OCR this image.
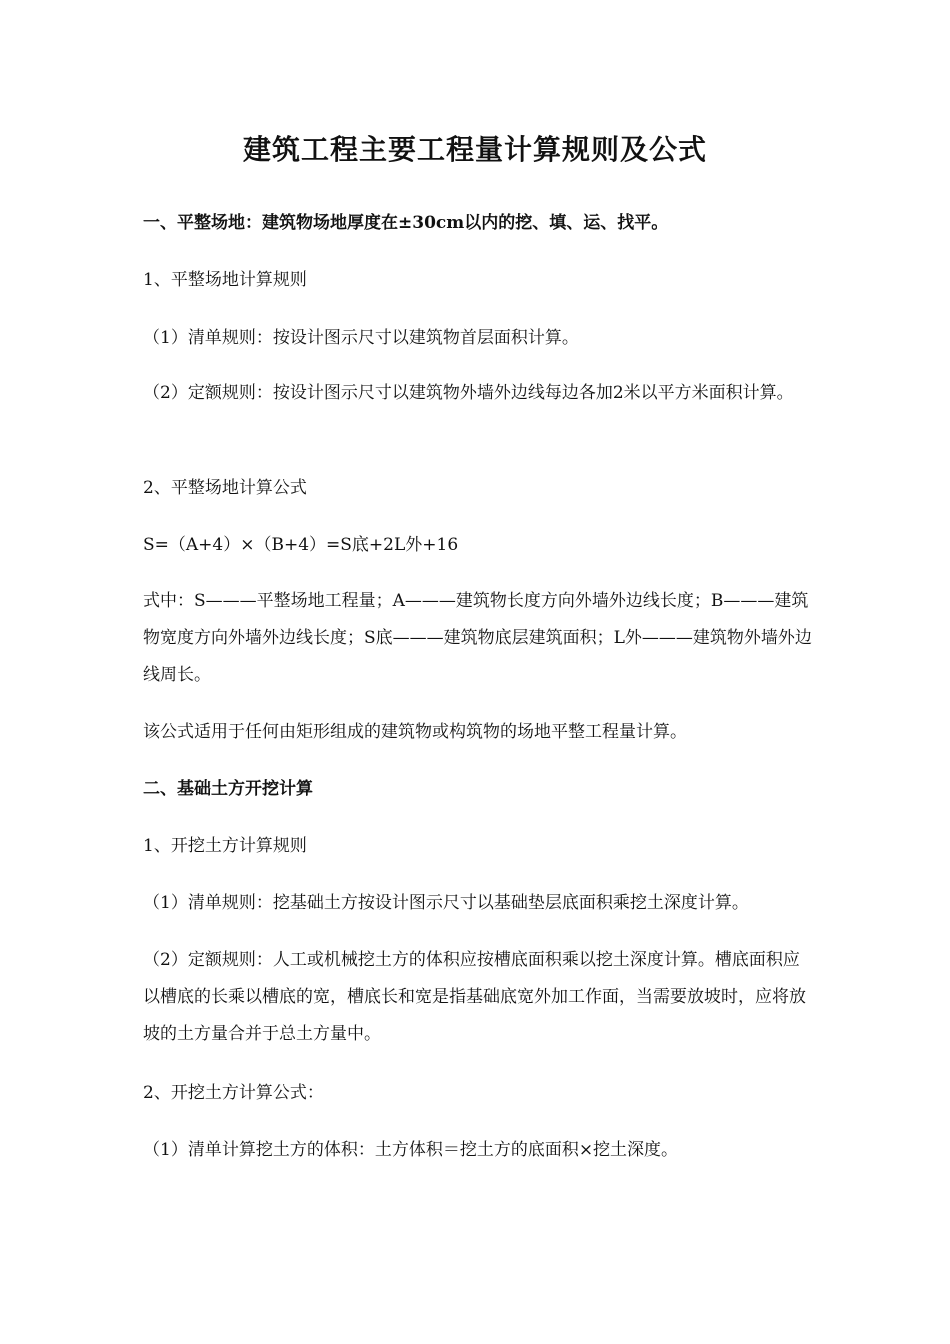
建筑工程主要工程量计算规则及公式

一、平整场地：建筑物场地厚度在±30cm以内的挖、填、运、找平。

1、平整场地计算规则

（1）清单规则：按设计图示尺寸以建筑物首层面积计算。

（2）定额规则：按设计图示尺寸以建筑物外墙外边线每边各加2米以平方米面积计算。

2、平整场地计算公式

S=（A+4）×（B+4）=S底+2L外+16

式中：S———平整场地工程量；A———建筑物长度方向外墙外边线长度；B———建筑物宽度方向外墙外边线长度；S底———建筑物底层建筑面积；L外———建筑物外墙外边线周长。

该公式适用于任何由矩形组成的建筑物或构筑物的场地平整工程量计算。

二、基础土方开挖计算

1、开挖土方计算规则

（1）清单规则：挖基础土方按设计图示尺寸以基础垫层底面积乘挖土深度计算。

（2）定额规则：人工或机械挖土方的体积应按槽底面积乘以挖土深度计算。槽底面积应以槽底的长乘以槽底的宽，槽底长和宽是指基础底宽外加工作面，当需要放坡时，应将放坡的土方量合并于总土方量中。

2、开挖土方计算公式：

（1）清单计算挖土方的体积：土方体积＝挖土方的底面积×挖土深度。
